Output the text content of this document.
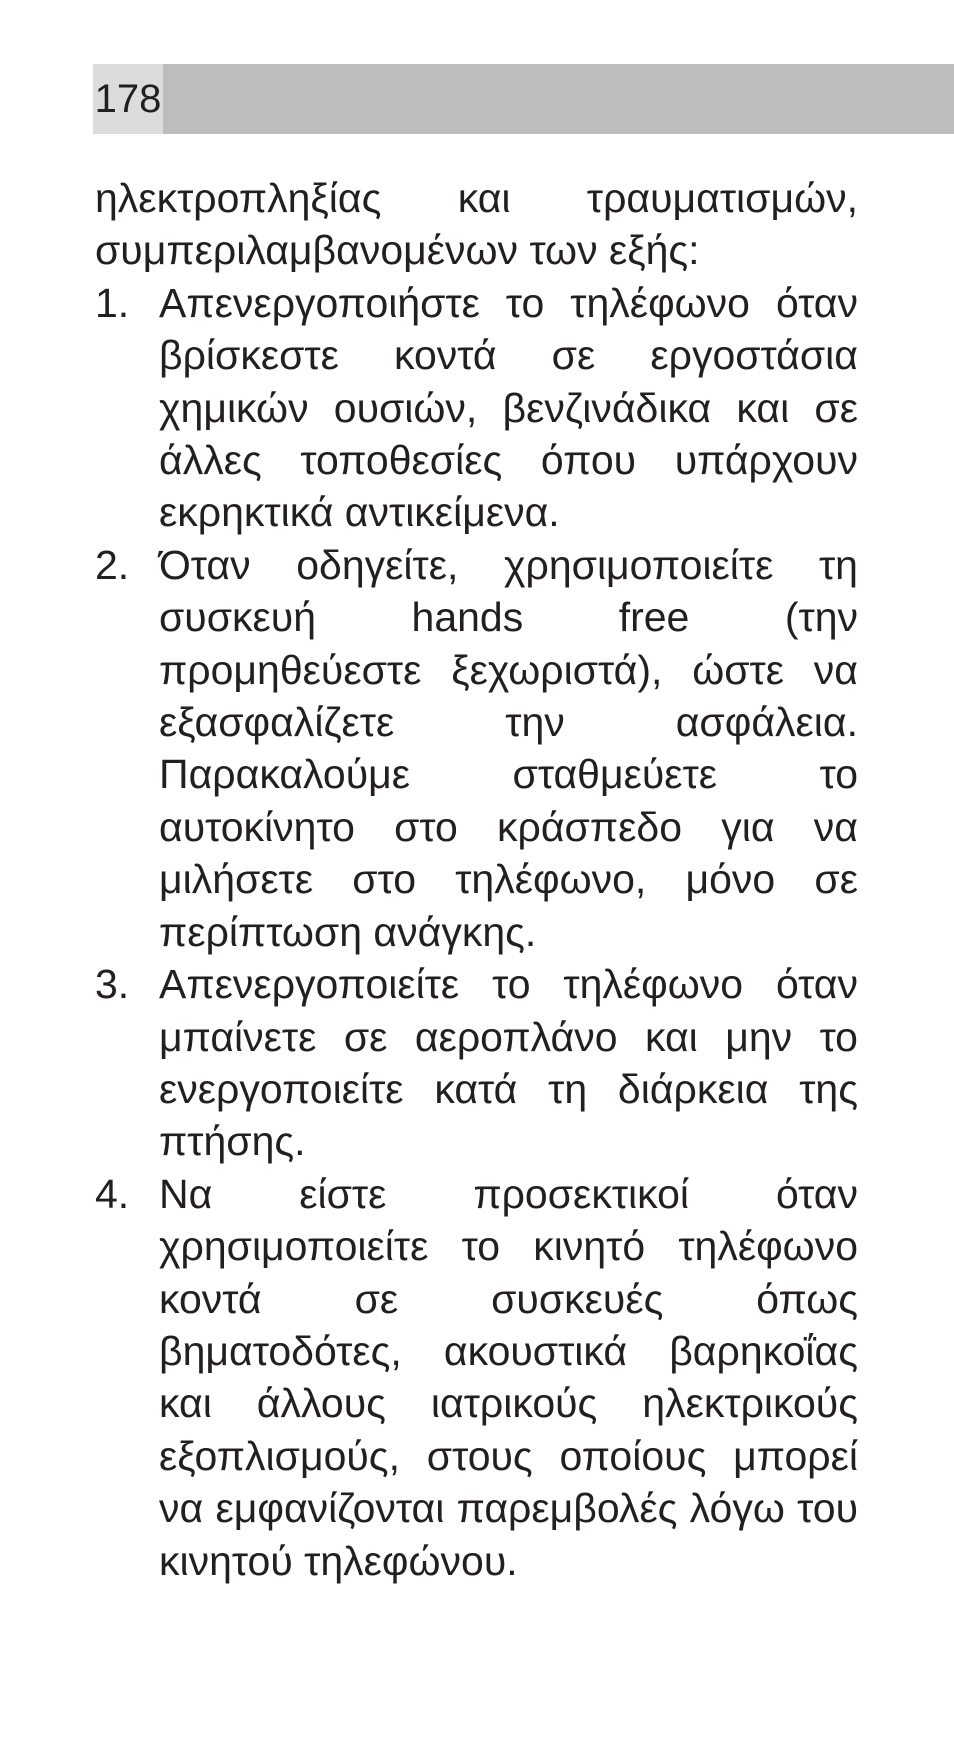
178

ηλεκτροπληξίας και τραυματισμών, συμπεριλαμβανομένων των εξής:

1. Απενεργοποιήστε το τηλέφωνο όταν βρίσκεστε κοντά σε εργοστάσια χημικών ουσιών, βενζινάδικα και σε άλλες τοποθεσίες όπου υπάρχουν εκρηκτικά αντικείμενα.
2. Όταν οδηγείτε, χρησιμοποιείτε τη συσκευή hands free (την προμηθεύεστε ξεχωριστά), ώστε να εξασφαλίζετε την ασφάλεια. Παρακαλούμε σταθμεύετε το αυτοκίνητο στο κράσπεδο για να μιλήσετε στο τηλέφωνο, μόνο σε περίπτωση ανάγκης.
3. Απενεργοποιείτε το τηλέφωνο όταν μπαίνετε σε αεροπλάνο και μην το ενεργοποιείτε κατά τη διάρκεια της πτήσης.
4. Να είστε προσεκτικοί όταν χρησιμοποιείτε το κινητό τηλέφωνο κοντά σε συσκευές όπως βηματοδότες, ακουστικά βαρηκοΐας και άλλους ιατρικούς ηλεκτρικούς εξοπλισμούς, στους οποίους μπορεί να εμφανίζονται παρεμβολές λόγω του κινητού τηλεφώνου.
